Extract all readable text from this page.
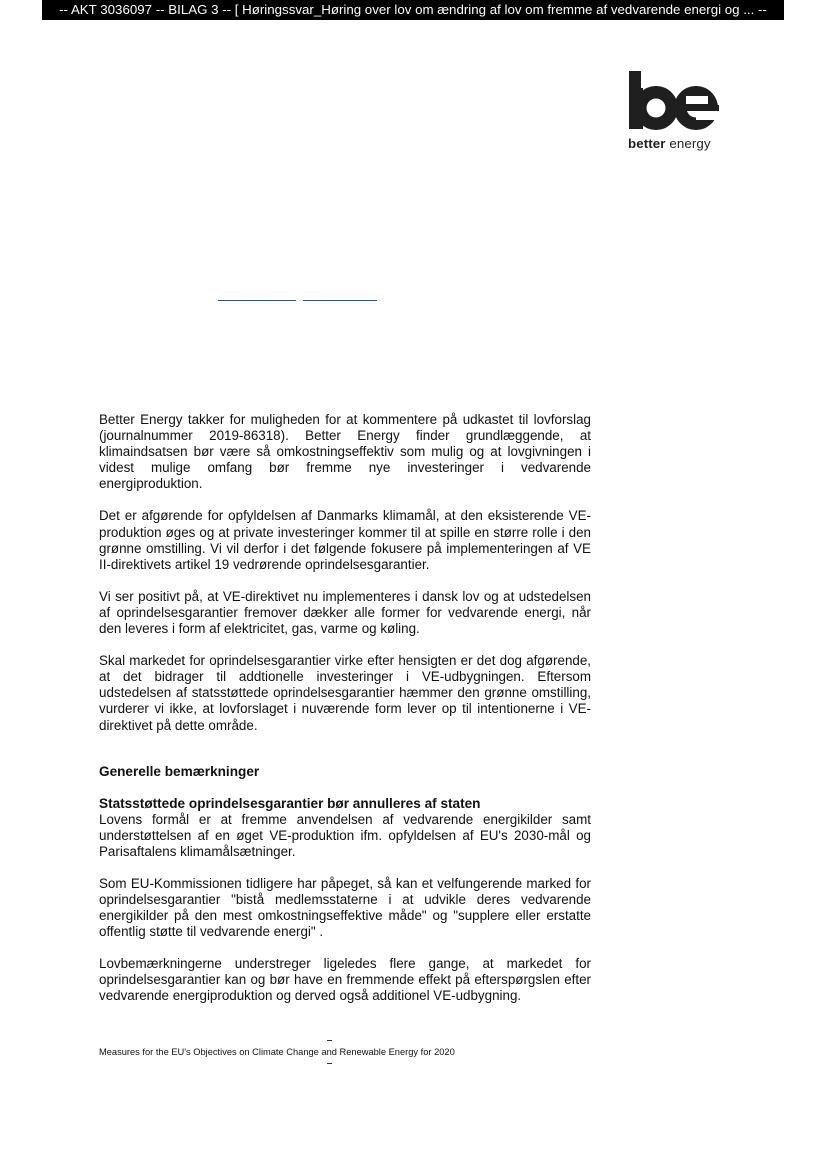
-- AKT 3036097 -- BILAG 3 -- [ Høringssvar_Høring over lov om ændring af lov om fremme af vedvarende energi og ... --
better energy

Better Energy takker for muligheden for at kommentere på udkastet til lovforslag (journalnummer 2019-86318). Better Energy finder grundlæggende, at klimaindsatsen bør være så omkostningseffektiv som mulig og at lovgivningen i videst mulige omfang bør fremme nye investeringer i vedvarende energiproduktion.

Det er afgørende for opfyldelsen af Danmarks klimamål, at den eksisterende VE-produktion øges og at private investeringer kommer til at spille en større rolle i den grønne omstilling. Vi vil derfor i det følgende fokusere på implementeringen af VE II-direktivets artikel 19 vedrørende oprindelsesgarantier.

Vi ser positivt på, at VE-direktivet nu implementeres i dansk lov og at udstedelsen af oprindelsesgarantier fremover dækker alle former for vedvarende energi, når den leveres i form af elektricitet, gas, varme og køling.

Skal markedet for oprindelsesgarantier virke efter hensigten er det dog afgørende, at det bidrager til addtionelle investeringer i VE-udbygningen. Eftersom udstedelsen af statsstøttede oprindelsesgarantier hæmmer den grønne omstilling, vurderer vi ikke, at lovforslaget i nuværende form lever op til intentionerne i VE-direktivet på dette område.

Generelle bemærkninger
Statsstøttede oprindelsesgarantier bør annulleres af staten

Lovens formål er at fremme anvendelsen af vedvarende energikilder samt understøttelsen af en øget VE-produktion ifm. opfyldelsen af EU's 2030-mål og Parisaftalens klimamålsætninger.

Som EU-Kommissionen tidligere har påpeget, så kan et velfungerende marked for oprindelsesgarantier "bistå medlemsstaterne i at udvikle deres vedvarende energikilder på den mest omkostningseffektive måde" og "supplere eller erstatte offentlig støtte til vedvarende energi" .

Lovbemærkningerne understreger ligeledes flere gange, at markedet for oprindelsesgarantier kan og bør have en fremmende effekt på efterspørgslen efter vedvarende energiproduktion og derved også additionel VE-udbygning.

Measures for the EU's Objectives on Climate Change and Renewable Energy for 2020
